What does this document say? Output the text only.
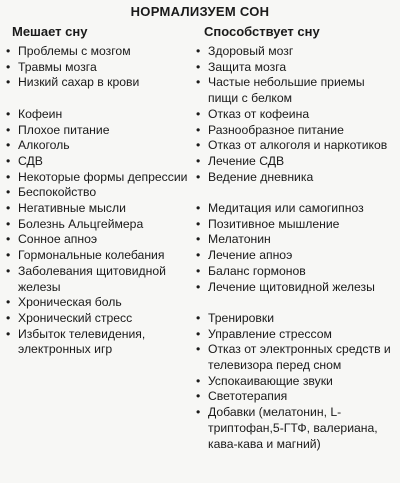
НОРМАЛИЗУЕМ СОН
Мешает сну
• Проблемы с мозгом
• Травмы мозга
• Низкий сахар в крови
• Кофеин
• Плохое питание
• Алкоголь
• СДВ
• Некоторые формы депрессии
• Беспокойство
• Негативные мысли
• Болезнь Альцгеймера
• Сонное апноэ
• Гормональные колебания
• Заболевания щитовидной железы
• Хроническая боль
• Хронический стресс
• Избыток телевидения, электронных игр
Способствует сну
• Здоровый мозг
• Защита мозга
• Частые небольшие приемы пищи с белком
• Отказ от кофеина
• Разнообразное питание
• Отказ от алкоголя и наркотиков
• Лечение СДВ
• Ведение дневника
• Медитация или самогипноз
• Позитивное мышление
• Мелатонин
• Лечение апноэ
• Баланс гормонов
• Лечение щитовидной железы
• Тренировки
• Управление стрессом
• Отказ от электронных средств и телевизора перед сном
• Успокаивающие звуки
• Светотерапия
• Добавки (мелатонин, L-триптофан,5-ГТФ, валериана, кава-кава и магний)
